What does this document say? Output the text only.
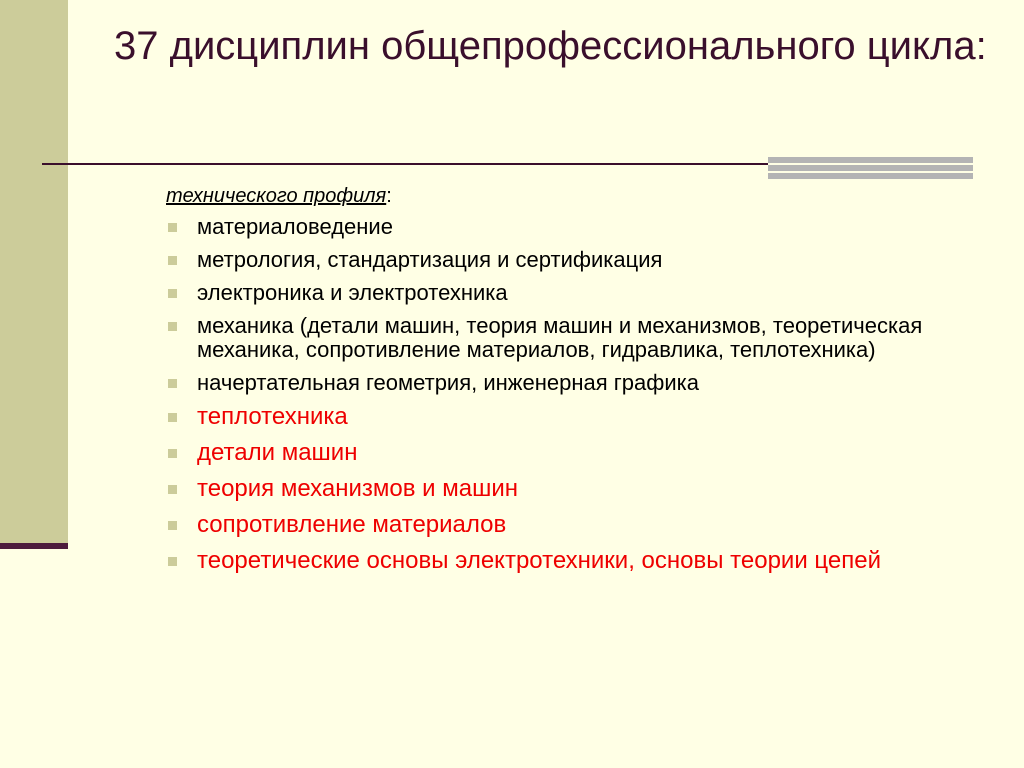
37 дисциплин общепрофессионального цикла:
технического профиля:
материаловедение
метрология, стандартизация и сертификация
электроника и электротехника
механика (детали машин, теория машин и механизмов, теоретическая механика, сопротивление материалов, гидравлика, теплотехника)
начертательная геометрия, инженерная графика
теплотехника
детали машин
теория механизмов и машин
сопротивление материалов
теоретические основы электротехники, основы теории цепей
